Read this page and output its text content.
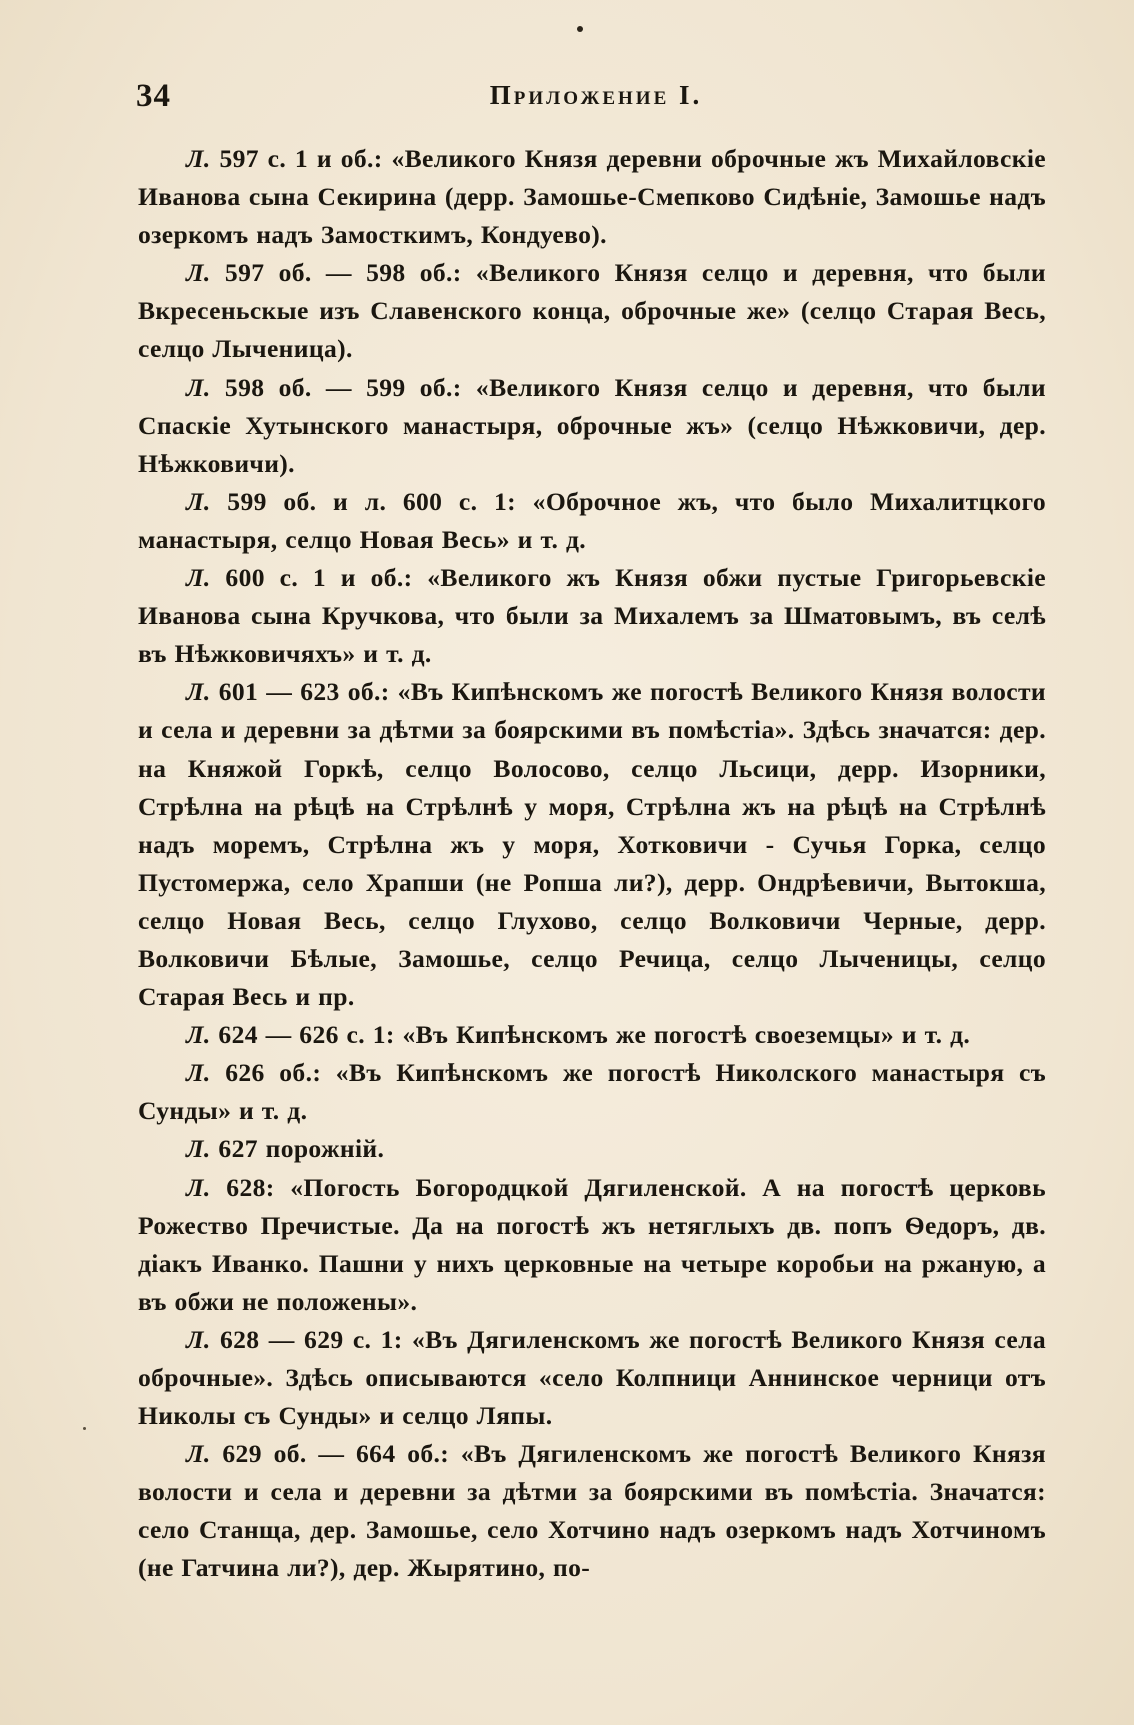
34	Приложение I.

Л. 597 с. 1 и об.: «Великого Князя деревни оброчные жъ Михайловскіе Иванова сына Секирина (дерр. Замошье-Смепково Сидѣніе, Замошье надъ озеркомъ надъ Замосткимъ, Кондуево).

Л. 597 об. — 598 об.: «Великого Князя селцо и деревня, что были Вкресеньскые изъ Славенского конца, оброчные же» (селцо Старая Весь, селцо Лыченица).

Л. 598 об. — 599 об.: «Великого Князя селцо и деревня, что были Спаскіе Хутынского манастыря, оброчные жъ» (селцо Нѣжковичи, дер. Нѣжковичи).

Л. 599 об. и л. 600 с. 1: «Оброчное жъ, что было Михалитцкого манастыря, селцо Новая Весь» и т. д.

Л. 600 с. 1 и об.: «Великого жъ Князя обжи пустые Григорьевскіе Иванова сына Кручкова, что были за Михалемъ за Шматовымъ, въ селѣ въ Нѣжковичяхъ» и т. д.

Л. 601 — 623 об.: «Въ Кипѣнскомъ же погостѣ Великого Князя волости и села и деревни за дѣтми за боярскими въ помѣстіа». Здѣсь значатся: дер. на Княжой Горкѣ, селцо Волосово, селцо Льсици, дерр. Изорники, Стрѣлна на рѣцѣ на Стрѣлнѣ у моря, Стрѣлна жъ на рѣцѣ на Стрѣлнѣ надъ моремъ, Стрѣлна жъ у моря, Хотковичи - Сучья Горка, селцо Пустомержа, село Храпши (не Ропша ли?), дерр. Ондрѣевичи, Вытокша, селцо Новая Весь, селцо Глухово, селцо Волковичи Черные, дерр. Волковичи Бѣлые, Замошье, селцо Речица, селцо Лыченицы, селцо Старая Весь и пр.

Л. 624 — 626 с. 1: «Въ Кипѣнскомъ же погостѣ своеземцы» и т. д.

Л. 626 об.: «Въ Кипѣнскомъ же погостѣ Николского манастыря съ Сунды» и т. д.

Л. 627 порожній.

Л. 628: «Погость Богородцкой Дягиленской. А на погостѣ церковь Рожество Пречистые. Да на погостѣ жъ нетяглыхъ дв. попъ Ѳедоръ, дв. діакъ Иванко. Пашни у нихъ церковные на четыре коробьи на ржаную, а въ обжи не положены».

Л. 628 — 629 с. 1: «Въ Дягиленскомъ же погостѣ Великого Князя села оброчные». Здѣсь описываются «село Колпници Аннинское черници отъ Николы съ Сунды» и селцо Ляпы.

Л. 629 об. — 664 об.: «Въ Дягиленскомъ же погостѣ Великого Князя волости и села и деревни за дѣтми за боярскими въ помѣстіа. Значатся: село Станща, дер. Замошье, село Хотчино надъ озеркомъ надъ Хотчиномъ (не Гатчина ли?), дер. Жырятино, по-
